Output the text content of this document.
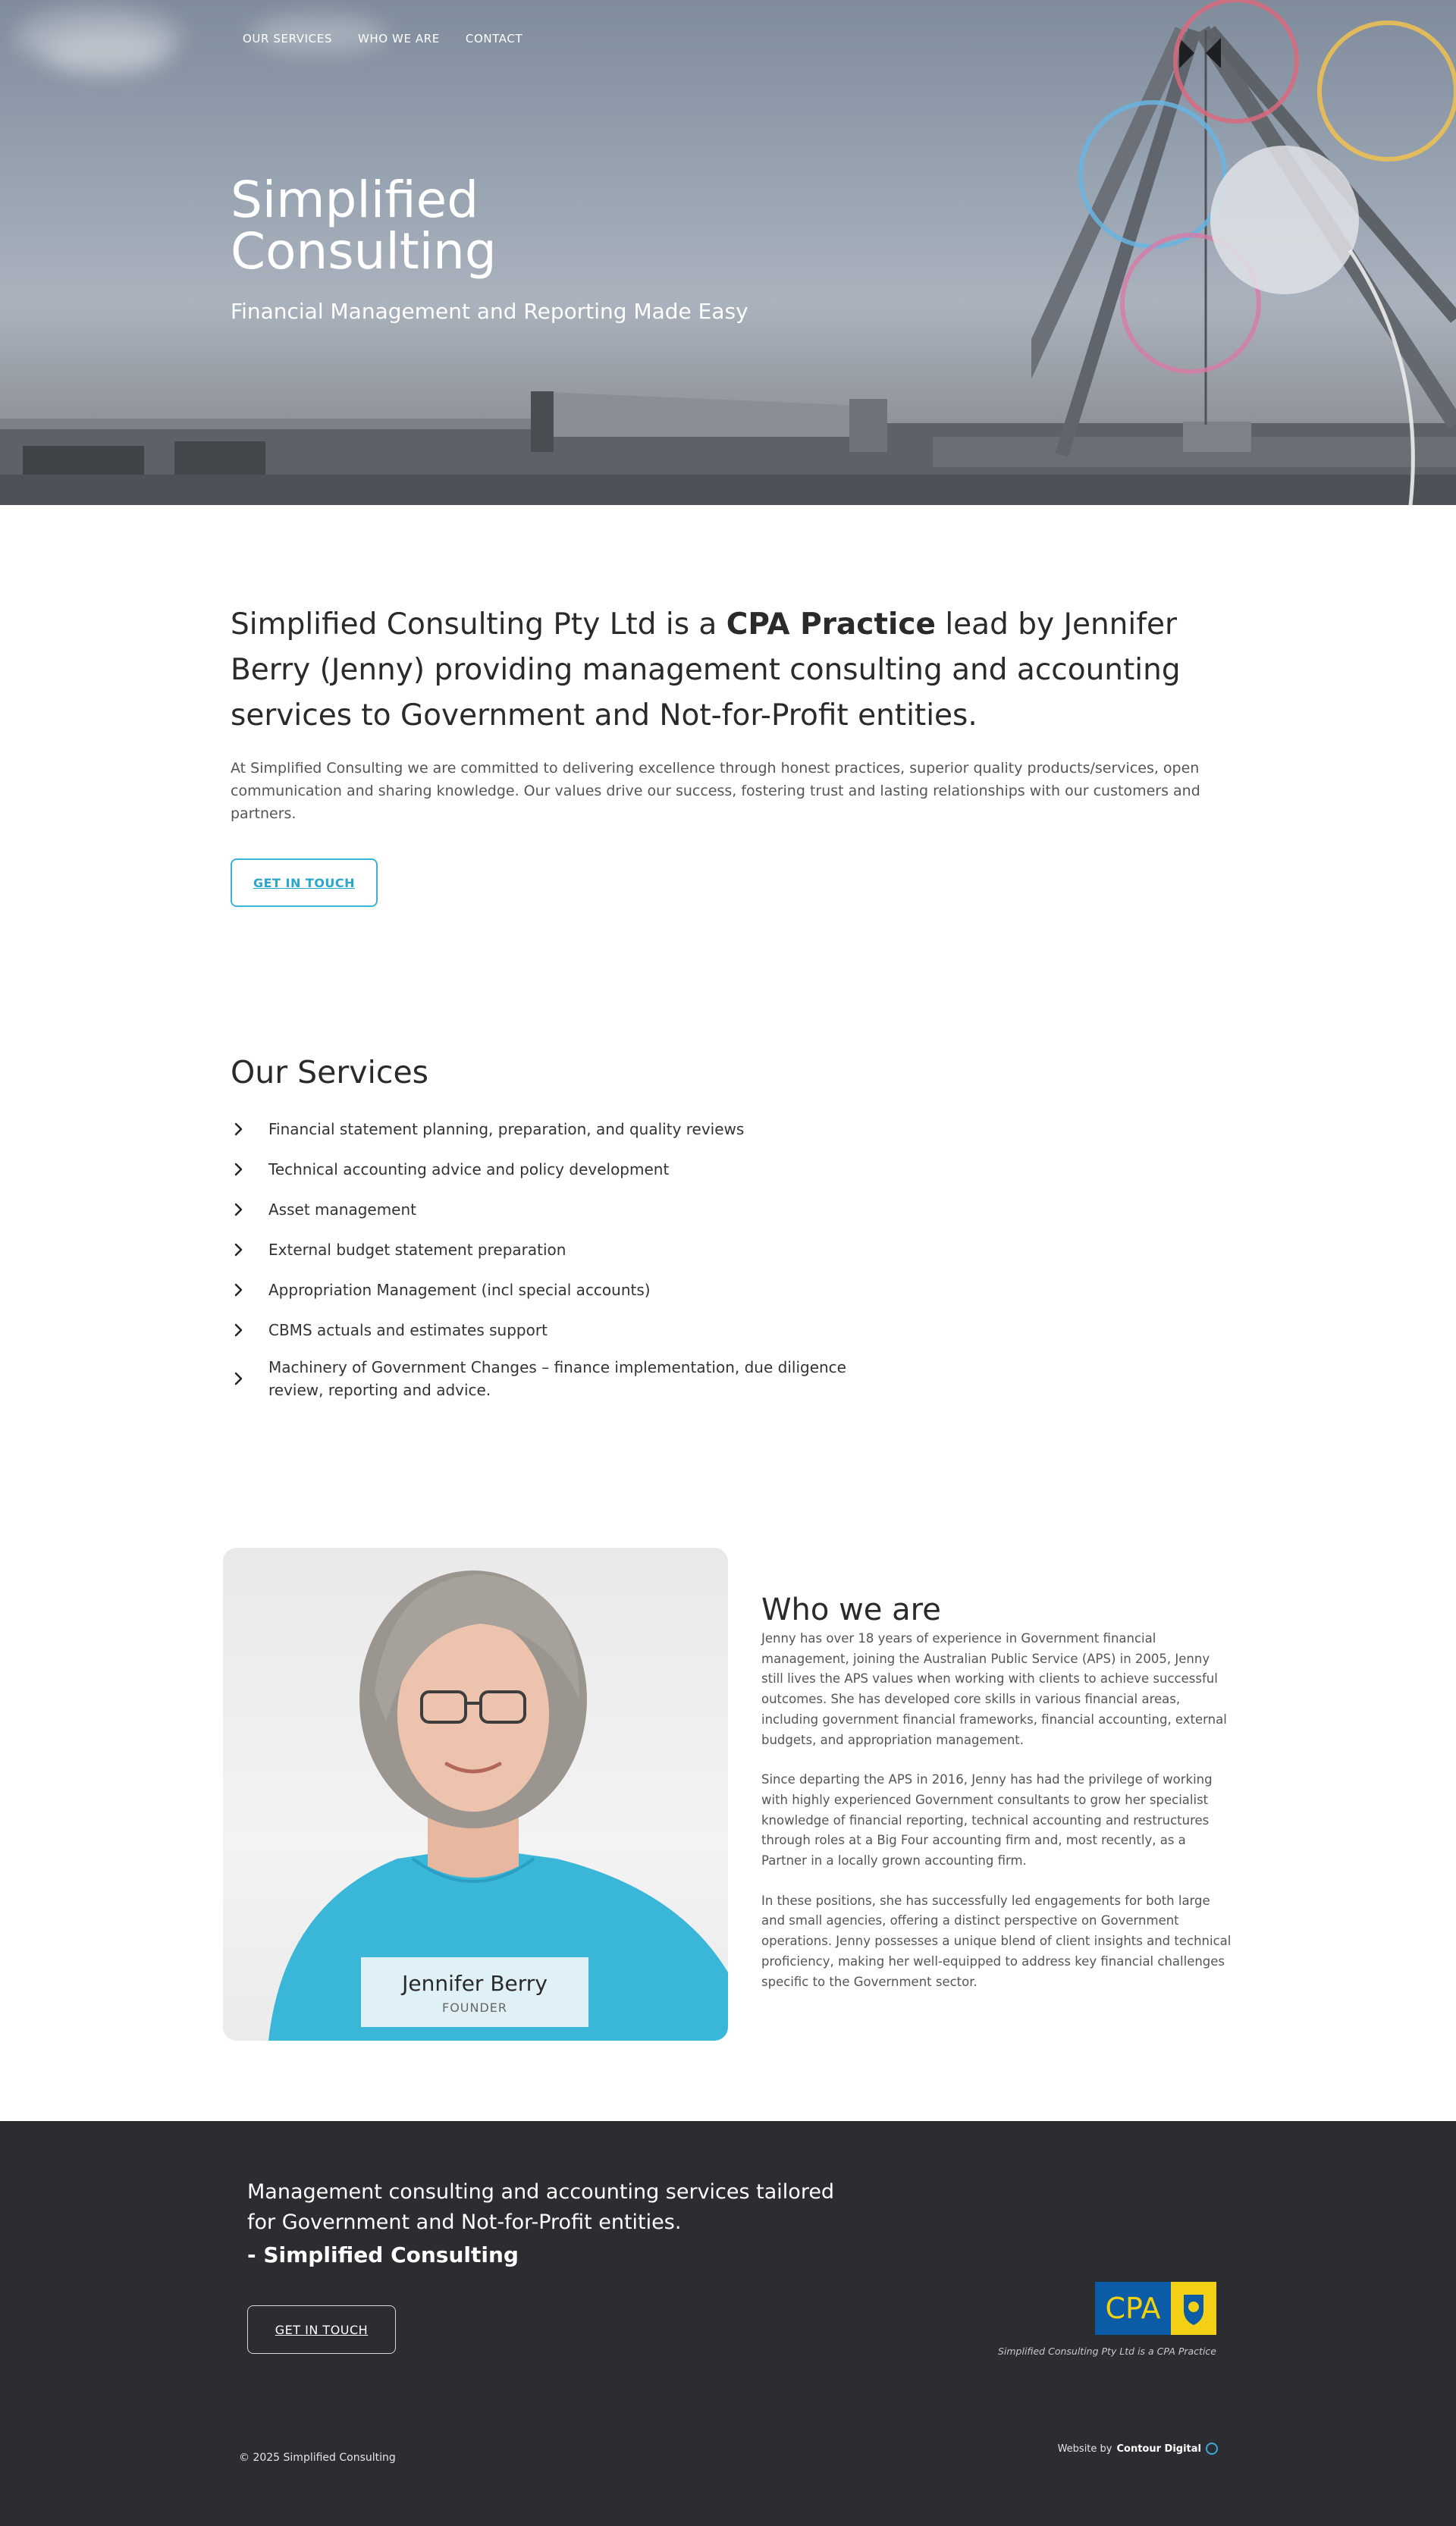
OUR SERVICES WHO WE ARE CONTACT
Simplified
Consulting
Financial Management and Reporting Made Easy
Simplified Consulting Pty Ltd is a CPA Practice lead by Jennifer Berry (Jenny) providing management consulting and accounting services to Government and Not-for-Profit entities.

At Simplified Consulting we are committed to delivering excellence through honest practices, superior quality products/services, open communication and sharing knowledge. Our values drive our success, fostering trust and lasting relationships with our customers and partners.

GET IN TOUCH
Our Services
Financial statement planning, preparation, and quality reviews
Technical accounting advice and policy development
Asset management
External budget statement preparation
Appropriation Management (incl special accounts)
CBMS actuals and estimates support
Machinery of Government Changes – finance implementation, due diligence review, reporting and advice.
Jennifer Berry
FOUNDER
Who we are

Jenny has over 18 years of experience in Government financial management, joining the Australian Public Service (APS) in 2005, Jenny still lives the APS values when working with clients to achieve successful outcomes. She has developed core skills in various financial areas, including government financial frameworks, financial accounting, external budgets, and appropriation management.

Since departing the APS in 2016, Jenny has had the privilege of working with highly experienced Government consultants to grow her specialist knowledge of financial reporting, technical accounting and restructures through roles at a Big Four accounting firm and, most recently, as a Partner in a locally grown accounting firm.

In these positions, she has successfully led engagements for both large and small agencies, offering a distinct perspective on Government operations. Jenny possesses a unique blend of client insights and technical proficiency, making her well-equipped to address key financial challenges specific to the Government sector.

Management consulting and accounting services tailored for Government and Not-for-Profit entities.
- Simplified Consulting
GET IN TOUCH
CPA
Simplified Consulting Pty Ltd is a CPA Practice
© 2025 Simplified Consulting
Website by Contour Digital
